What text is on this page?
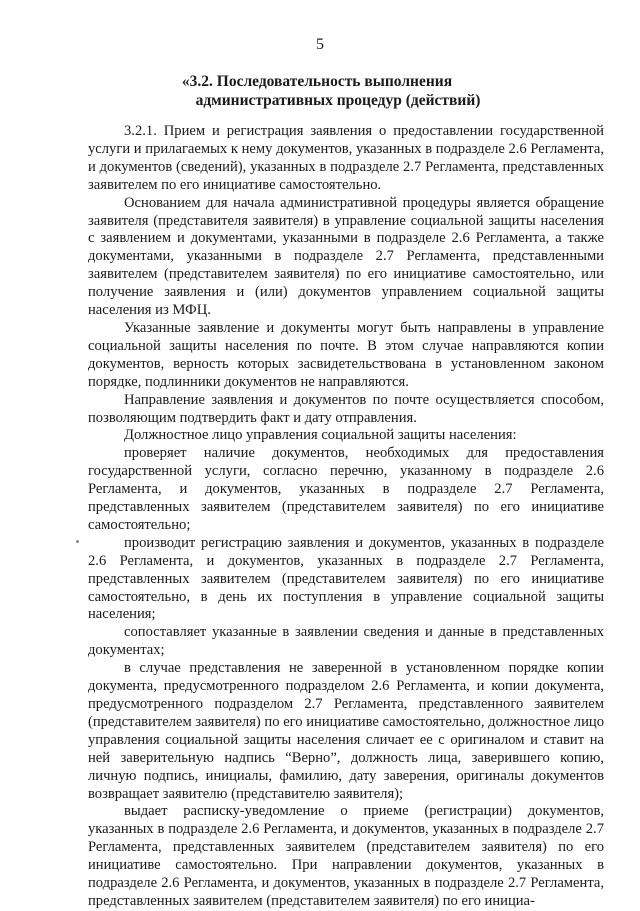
5
«3.2. Последовательность выполнения
административных процедур (действий)

3.2.1. Прием и регистрация заявления о предоставлении государственной услуги и прилагаемых к нему документов, указанных в подразделе 2.6 Регламента, и документов (сведений), указанных в подразделе 2.7 Регламента, представленных заявителем по его инициативе самостоятельно.

Основанием для начала административной процедуры является обращение заявителя (представителя заявителя) в управление социальной защиты населения с заявлением и документами, указанными в подразделе 2.6 Регламента, а также документами, указанными в подразделе 2.7 Регламента, представленными заявителем (представителем заявителя) по его инициативе самостоятельно, или получение заявления и (или) документов управлением социальной защиты населения из МФЦ.

Указанные заявление и документы могут быть направлены в управление социальной защиты населения по почте. В этом случае направляются копии документов, верность которых засвидетельствована в установленном законом порядке, подлинники документов не направляются.

Направление заявления и документов по почте осуществляется способом, позволяющим подтвердить факт и дату отправления.

Должностное лицо управления социальной защиты населения:

проверяет наличие документов, необходимых для предоставления государственной услуги, согласно перечню, указанному в подразделе 2.6 Регламента, и документов, указанных в подразделе 2.7 Регламента, представленных заявителем (представителем заявителя) по его инициативе самостоятельно;

производит регистрацию заявления и документов, указанных в подразделе 2.6 Регламента, и документов, указанных в подразделе 2.7 Регламента, представленных заявителем (представителем заявителя) по его инициативе самостоятельно, в день их поступления в управление социальной защиты населения;

сопоставляет указанные в заявлении сведения и данные в представленных документах;

в случае представления не заверенной в установленном порядке копии документа, предусмотренного подразделом 2.6 Регламента, и копии документа, предусмотренного подразделом 2.7 Регламента, представленного заявителем (представителем заявителя) по его инициативе самостоятельно, должностное лицо управления социальной защиты населения сличает ее с оригиналом и ставит на ней заверительную надпись “Верно”, должность лица, заверившего копию, личную подпись, инициалы, фамилию, дату заверения, оригиналы документов возвращает заявителю (представителю заявителя);

выдает расписку-уведомление о приеме (регистрации) документов, указанных в подразделе 2.6 Регламента, и документов, указанных в подразделе 2.7 Регламента, представленных заявителем (представителем заявителя) по его инициативе самостоятельно. При направлении документов, указанных в подразделе 2.6 Регламента, и документов, указанных в подразделе 2.7 Регламента, представленных заявителем (представителем заявителя) по его инициа-
